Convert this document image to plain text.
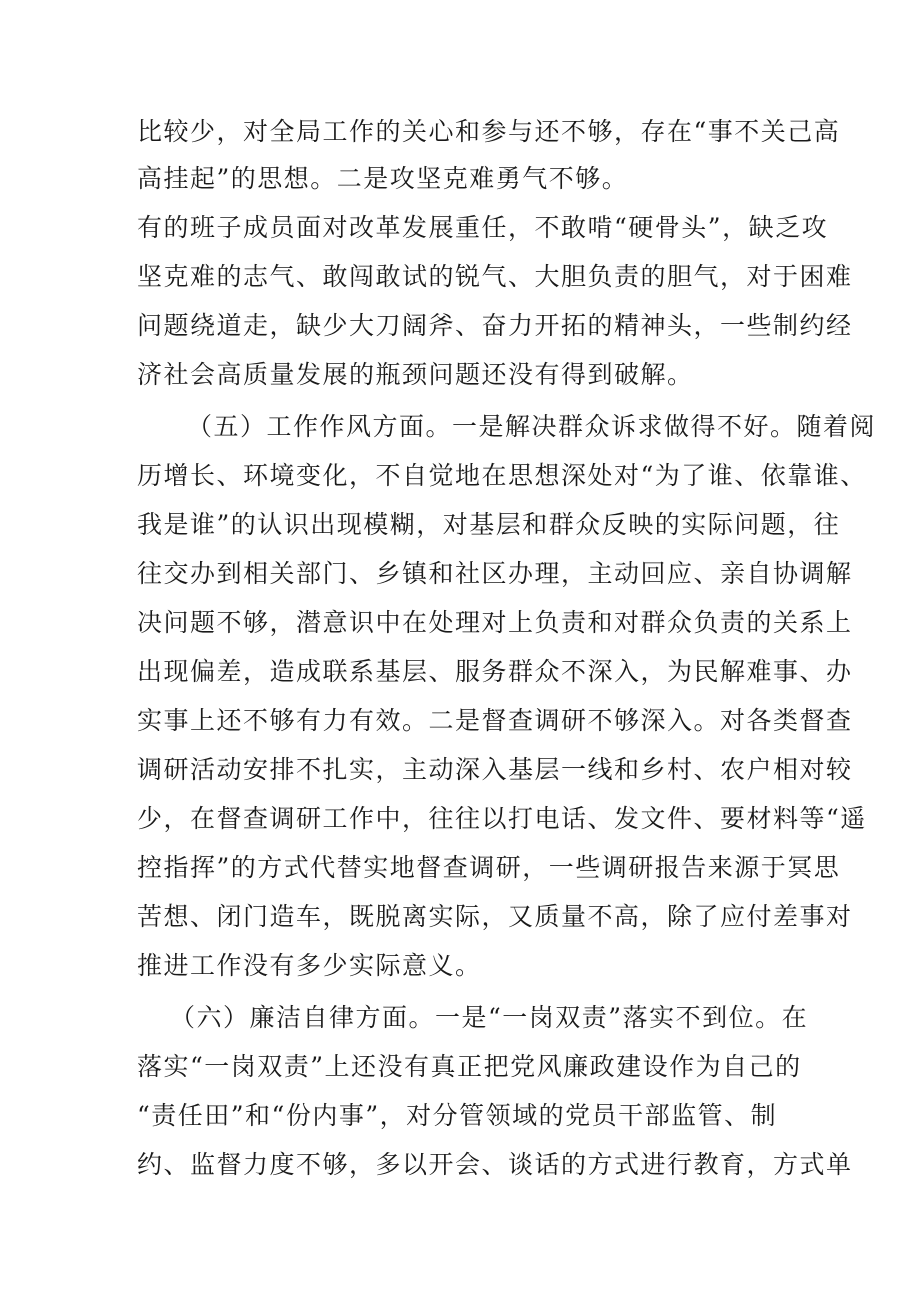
比较少，对全局工作的关心和参与还不够，存在“事不关己高
高挂起”的思想。二是攻坚克难勇气不够。
有的班子成员面对改革发展重任，不敢啃“硬骨头”，缺乏攻
坚克难的志气、敢闯敢试的锐气、大胆负责的胆气，对于困难
问题绕道走，缺少大刀阔斧、奋力开拓的精神头，一些制约经
济社会高质量发展的瓶颈问题还没有得到破解。
（五）工作作风方面。一是解决群众诉求做得不好。随着阅
历增长、环境变化，不自觉地在思想深处对“为了谁、依靠谁、
我是谁”的认识出现模糊，对基层和群众反映的实际问题，往
往交办到相关部门、乡镇和社区办理，主动回应、亲自协调解
决问题不够，潜意识中在处理对上负责和对群众负责的关系上
出现偏差，造成联系基层、服务群众不深入，为民解难事、办
实事上还不够有力有效。二是督查调研不够深入。对各类督查
调研活动安排不扎实，主动深入基层一线和乡村、农户相对较
少，在督查调研工作中，往往以打电话、发文件、要材料等“遥
控指挥”的方式代替实地督查调研，一些调研报告来源于冥思
苦想、闭门造车，既脱离实际，又质量不高，除了应付差事对
推进工作没有多少实际意义。
（六）廉洁自律方面。一是“一岗双责”落实不到位。在
落实“一岗双责”上还没有真正把党风廉政建设作为自己的
“责任田”和“份内事”，对分管领域的党员干部监管、制
约、监督力度不够，多以开会、谈话的方式进行教育，方式单
